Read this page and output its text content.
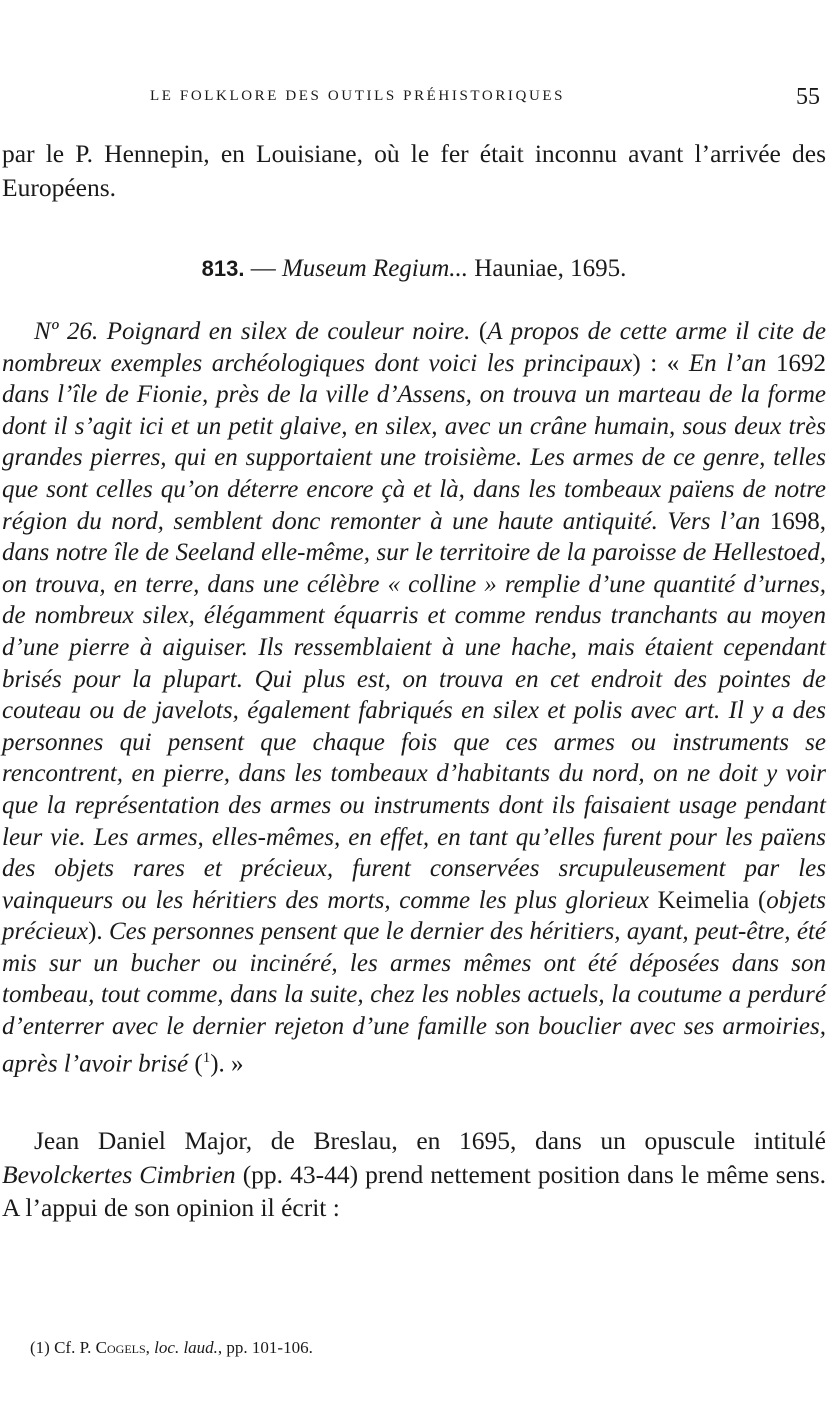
LE FOLKLORE DES OUTILS PRÉHISTORIQUES	55

par le P. Hennepin, en Louisiane, où le fer était inconnu avant l’arrivée des Européens.

813. — Museum Regium... Hauniae, 1695.

Nº 26. Poignard en silex de couleur noire. (A propos de cette arme il cite de nombreux exemples archéologiques dont voici les principaux) : « En l’an 1692 dans l’île de Fionie, près de la ville d’Assens, on trouva un marteau de la forme dont il s’agit ici et un petit glaive, en silex, avec un crâne humain, sous deux très grandes pierres, qui en supportaient une troisième. Les armes de ce genre, telles que sont celles qu’on déterre encore çà et là, dans les tombeaux païens de notre région du nord, semblent donc remonter à une haute antiquité. Vers l’an 1698, dans notre île de Seeland elle-même, sur le territoire de la paroisse de Hellestoed, on trouva, en terre, dans une célèbre « colline » remplie d’une quantité d’urnes, de nombreux silex, élégamment équarris et comme rendus tranchants au moyen d’une pierre à aiguiser. Ils ressemblaient à une hache, mais étaient cependant brisés pour la plupart. Qui plus est, on trouva en cet endroit des pointes de couteau ou de javelots, également fabriqués en silex et polis avec art. Il y a des personnes qui pensent que chaque fois que ces armes ou instruments se rencontrent, en pierre, dans les tombeaux d’habitants du nord, on ne doit y voir que la représentation des armes ou instruments dont ils faisaient usage pendant leur vie. Les armes, elles-mêmes, en effet, en tant qu’elles furent pour les païens des objets rares et précieux, furent conservées srcupuleusement par les vainqueurs ou les héritiers des morts, comme les plus glorieux Keimelia (objets précieux). Ces personnes pensent que le dernier des héritiers, ayant, peut-être, été mis sur un bucher ou incinéré, les armes mêmes ont été déposées dans son tombeau, tout comme, dans la suite, chez les nobles actuels, la coutume a perduré d’enterrer avec le dernier rejeton d’une famille son bouclier avec ses armoiries, après l’avoir brisé ($^1$). »

Jean Daniel Major, de Breslau, en 1695, dans un opuscule intitulé Bevolckertes Cimbrien (pp. 43-44) prend nettement position dans le même sens. A l’appui de son opinion il écrit :

(1) Cf. P. Cogels, loc. laud., pp. 101-106.
